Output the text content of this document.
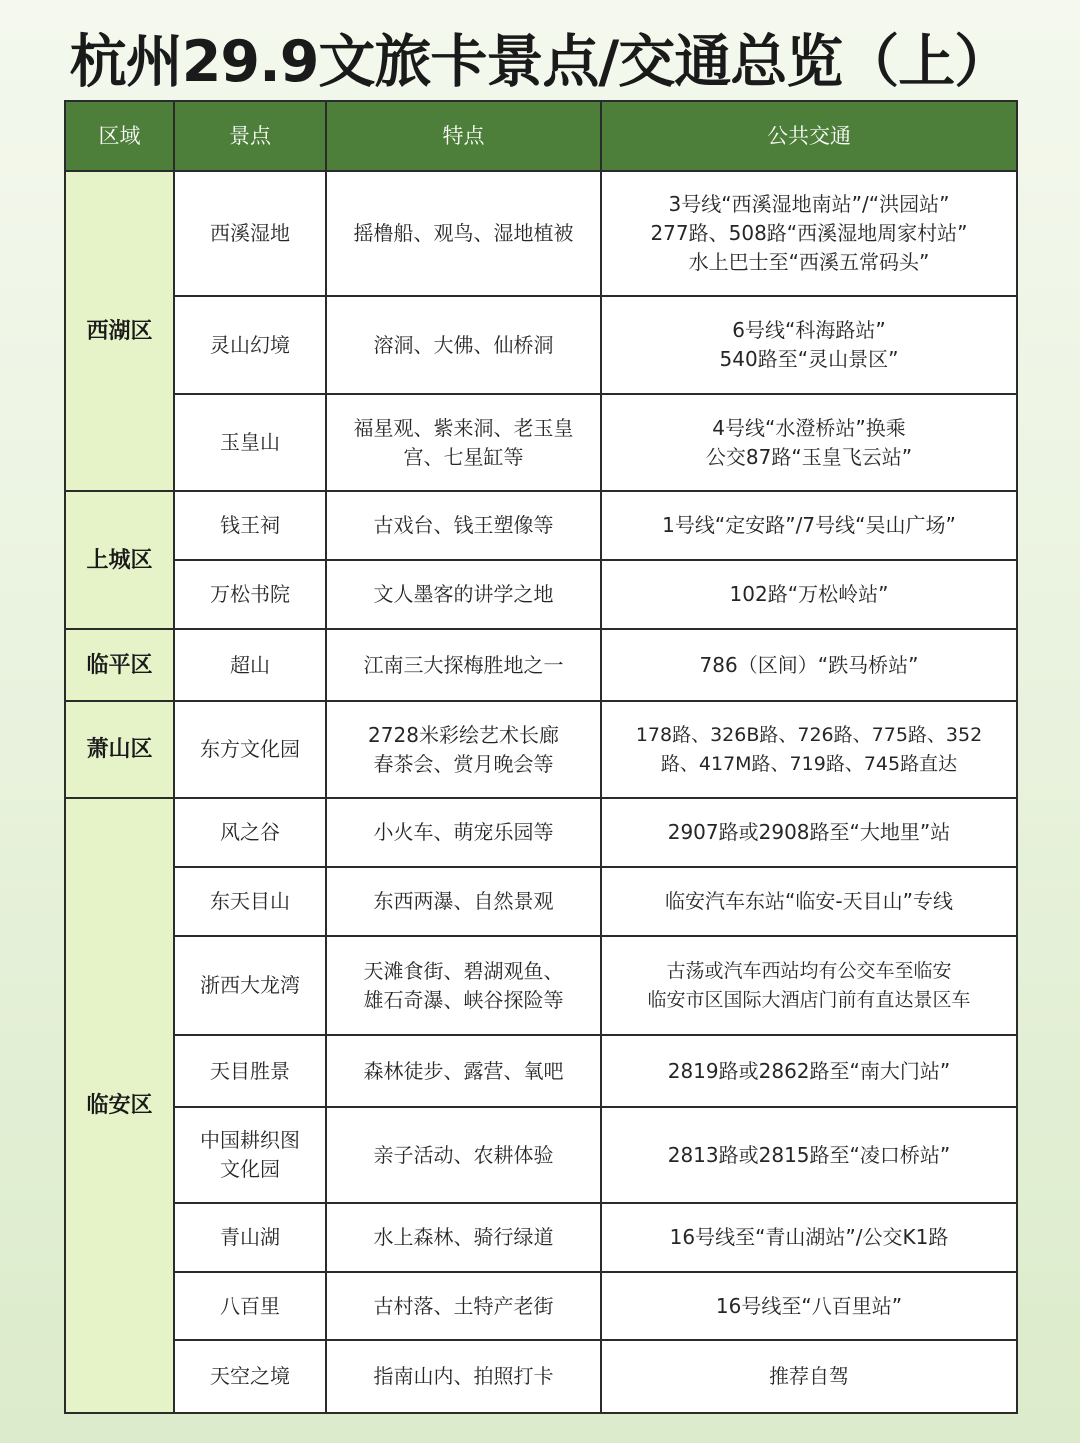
杭州29.9文旅卡景点/交通总览（上）
区域	景点	特点	公共交通
西湖区	西溪湿地	摇橹船、观鸟、湿地植被	3号线“西溪湿地南站”/“洪园站”
277路、508路“西溪湿地周家村站”
水上巴士至“西溪五常码头”

	灵山幻境	溶洞、大佛、仙桥洞	6号线“科海路站”
540路至“灵山景区”

	玉皇山	福星观、紫来洞、老玉皇
宫、七星缸等	4号线“水澄桥站”换乘
公交87路“玉皇飞云站”

上城区	钱王祠	古戏台、钱王塑像等	1号线“定安路”/7号线“吴山广场”

	万松书院	文人墨客的讲学之地	102路“万松岭站”

临平区	超山	江南三大探梅胜地之一	786（区间）“跌马桥站”

萧山区	东方文化园	2728米彩绘艺术长廊
春茶会、赏月晚会等	178路、326B路、726路、775路、352
路、417M路、719路、745路直达

临安区	风之谷	小火车、萌宠乐园等	2907路或2908路至“大地里”站

	东天目山	东西两瀑、自然景观	临安汽车东站“临安-天目山”专线

	浙西大龙湾	天滩食街、碧湖观鱼、
雄石奇瀑、峡谷探险等	古荡或汽车西站均有公交车至临安
临安市区国际大酒店门前有直达景区车

	天目胜景	森林徒步、露营、氧吧	2819路或2862路至“南大门站”

	中国耕织图
文化园	亲子活动、农耕体验	2813路或2815路至“凌口桥站”

	青山湖	水上森林、骑行绿道	16号线至“青山湖站”/公交K1路

	八百里	古村落、土特产老街	16号线至“八百里站”

	天空之境	指南山内、拍照打卡	推荐自驾
